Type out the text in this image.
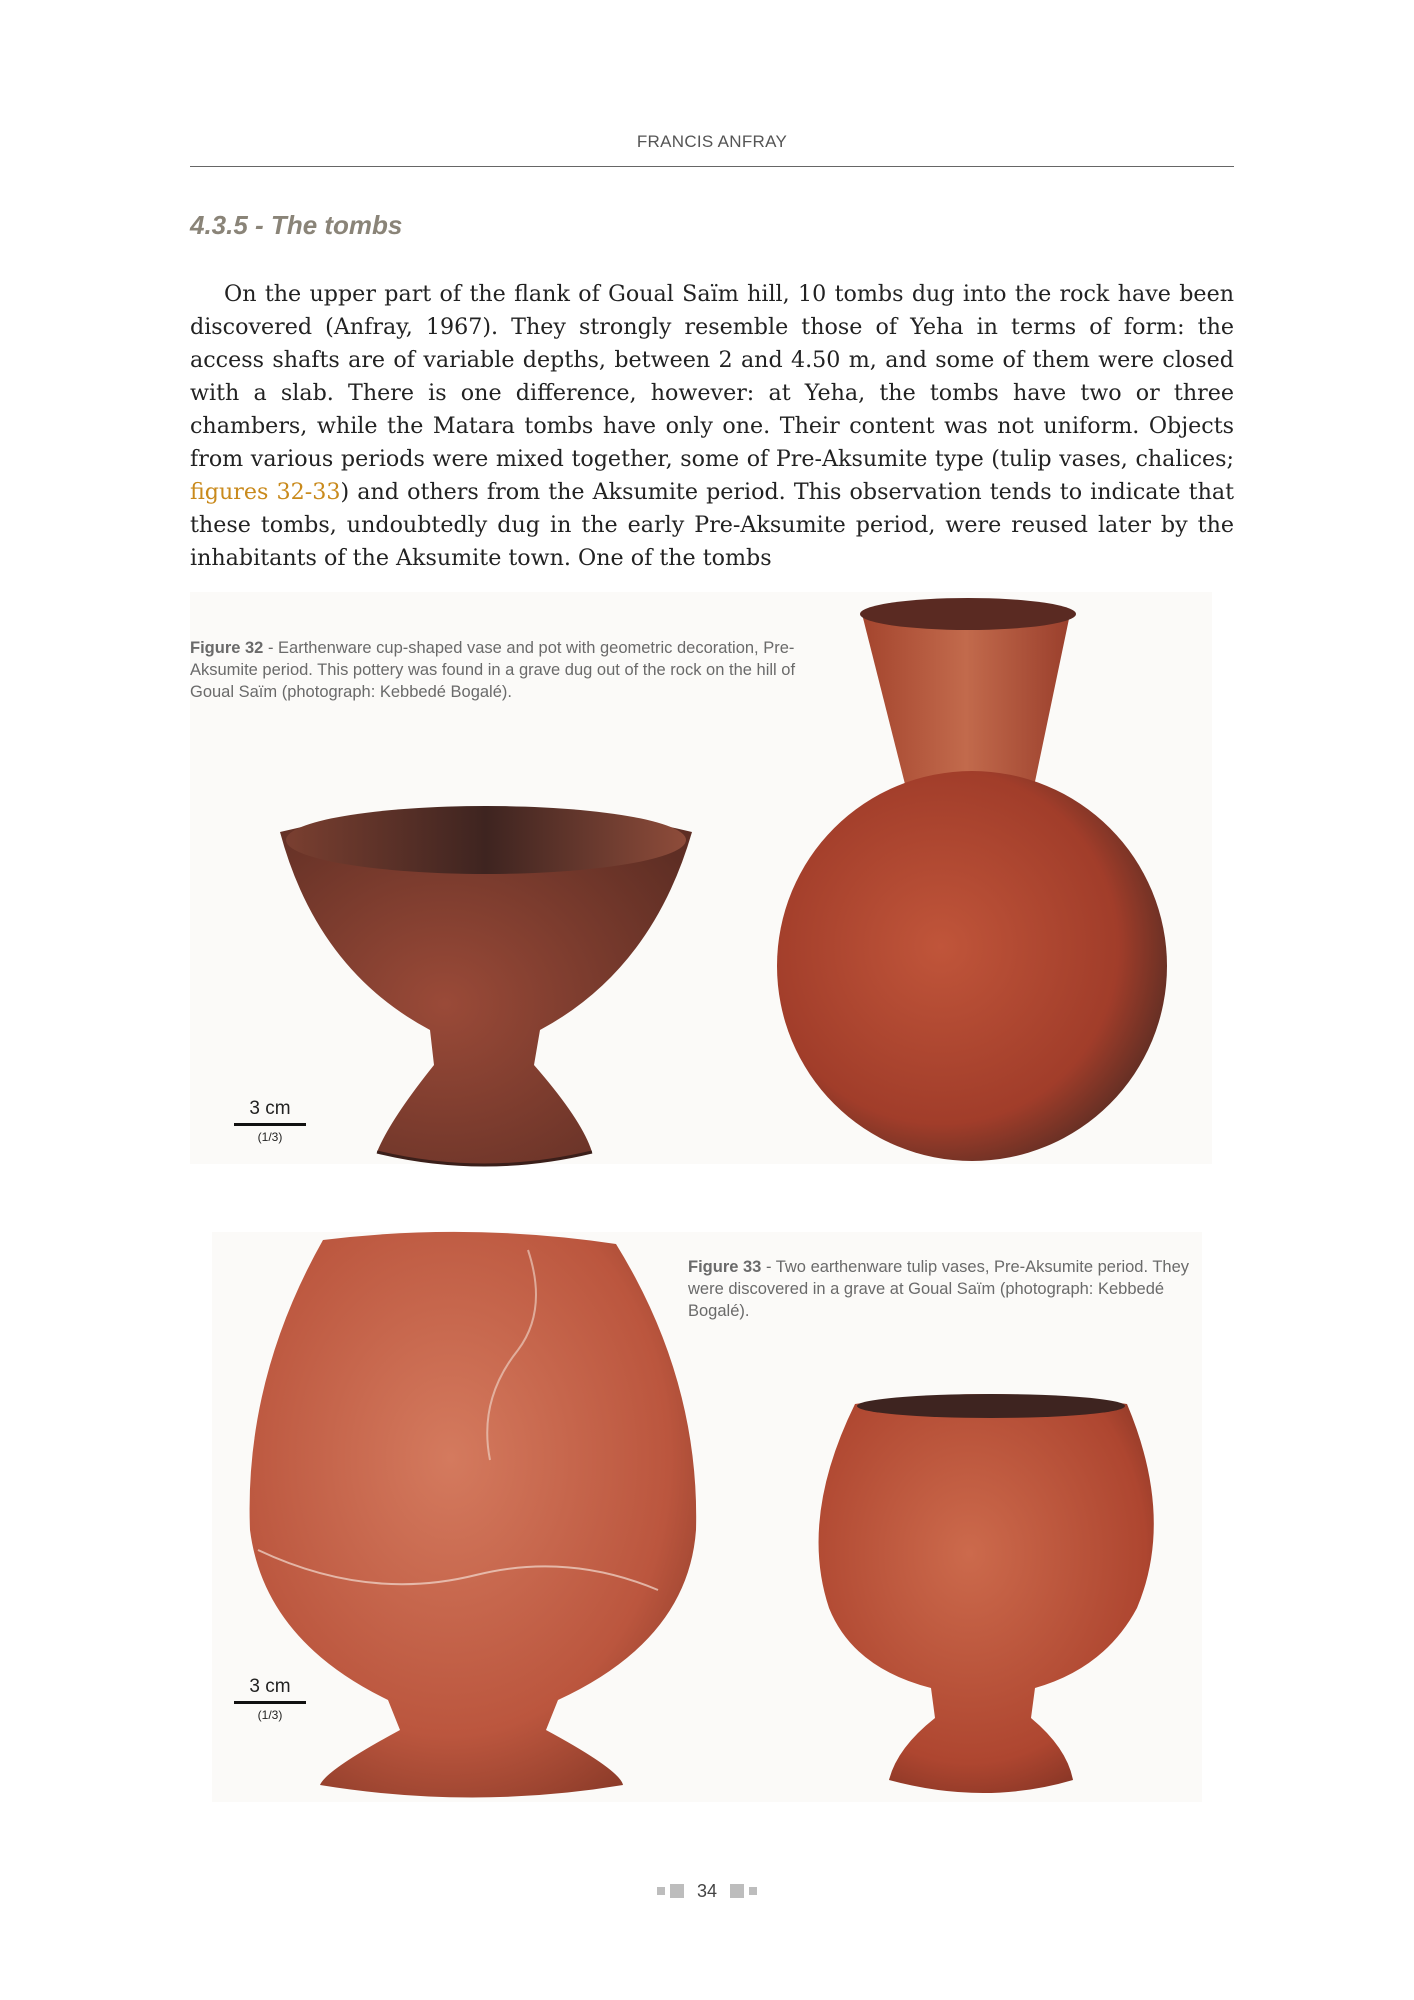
FRANCIS ANFRAY
4.3.5 - The tombs

On the upper part of the flank of Goual Saïm hill, 10 tombs dug into the rock have been discovered (Anfray, 1967). They strongly resemble those of Yeha in terms of form: the access shafts are of variable depths, between 2 and 4.50 m, and some of them were closed with a slab. There is one difference, however: at Yeha, the tombs have two or three chambers, while the Matara tombs have only one. Their content was not uniform. Objects from various periods were mixed together, some of Pre-Aksumite type (tulip vases, chalices; figures 32-33) and others from the Aksumite period. This observation tends to indicate that these tombs, undoubtedly dug in the early Pre-Aksumite period, were reused later by the inhabitants of the Aksumite town. One of the tombs

Figure 32 - Earthenware cup-shaped vase and pot with geometric decoration, Pre-Aksumite period. This pottery was found in a grave dug out of the rock on the hill of Goual Saïm (photograph: Kebbedé Bogalé).

3 cm
(1/3)

Figure 33 - Two earthenware tulip vases, Pre-Aksumite period. They were discovered in a grave at Goual Saïm (photograph: Kebbedé Bogalé).

3 cm
(1/3)
34
